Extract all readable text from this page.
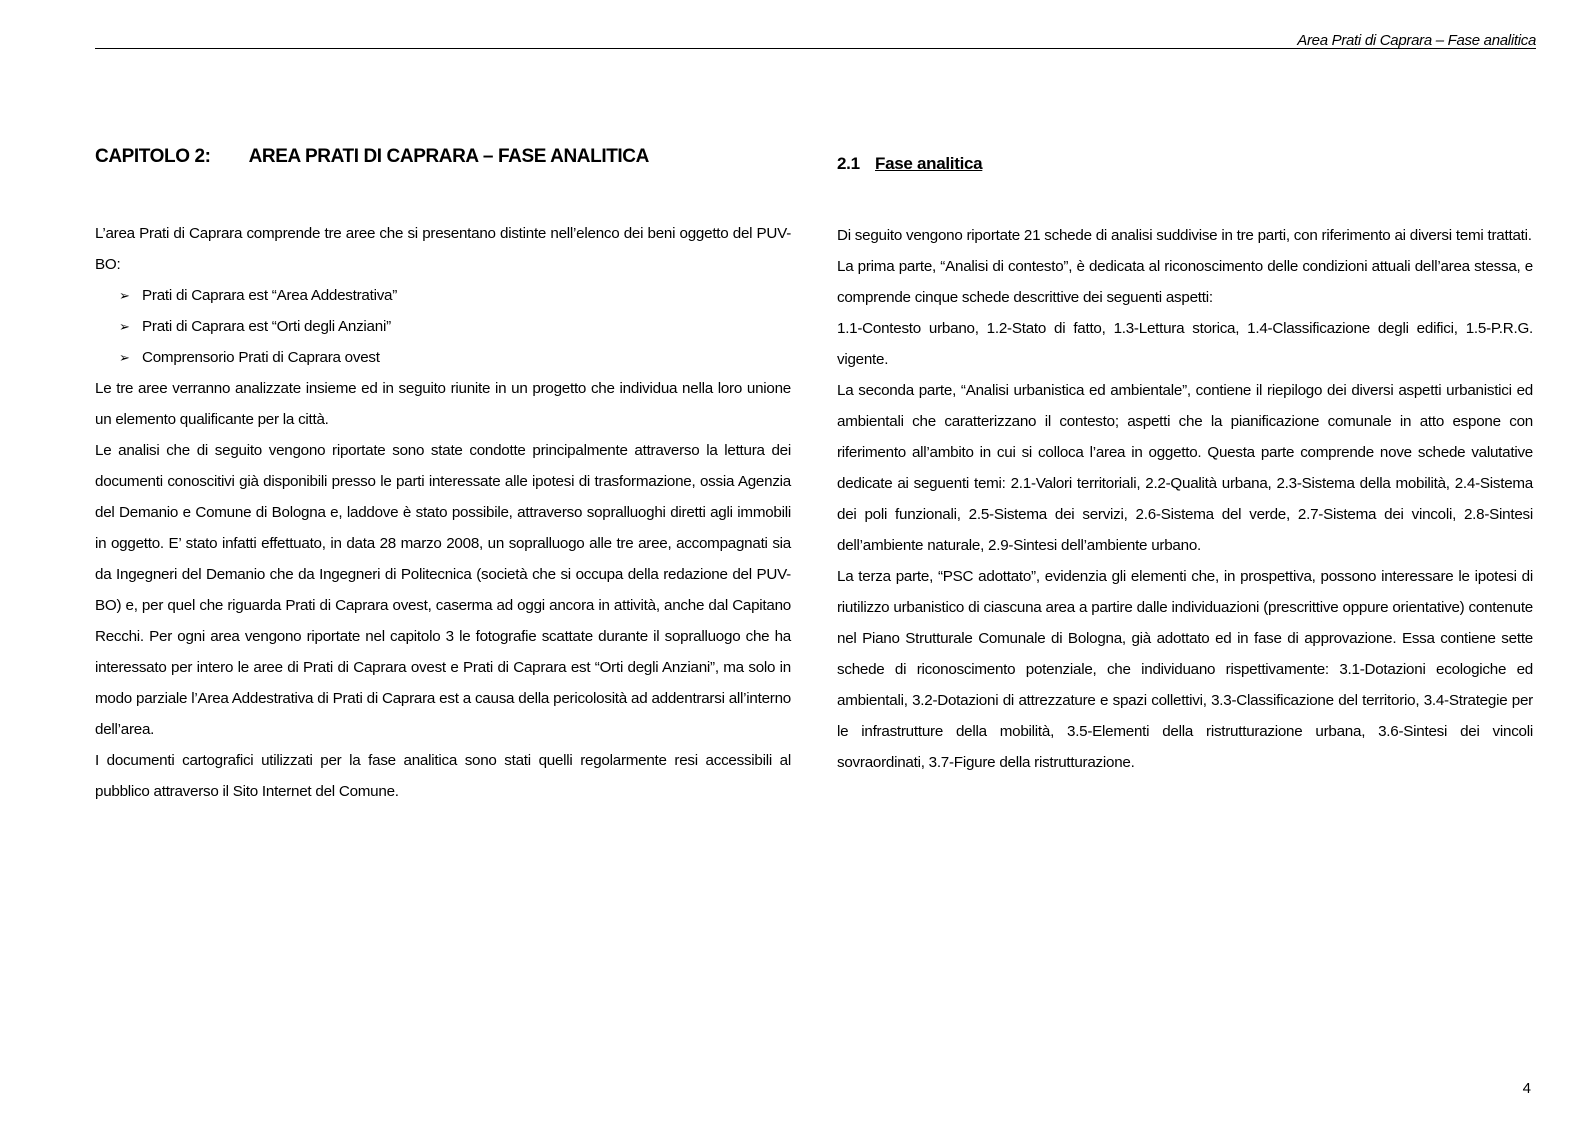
Area Prati di Caprara – Fase analitica
CAPITOLO 2: AREA PRATI DI CAPRARA – FASE ANALITICA

L’area Prati di Caprara comprende tre aree che si presentano distinte nell’elenco dei beni oggetto del PUV-BO:

➢ Prati di Caprara est “Area Addestrativa”
➢ Prati di Caprara est “Orti degli Anziani”
➢ Comprensorio Prati di Caprara ovest

Le tre aree verranno analizzate insieme ed in seguito riunite in un progetto che individua nella loro unione un elemento qualificante per la città.

Le analisi che di seguito vengono riportate sono state condotte principalmente attraverso la lettura dei documenti conoscitivi già disponibili presso le parti interessate alle ipotesi di trasformazione, ossia Agenzia del Demanio e Comune di Bologna e, laddove è stato possibile, attraverso sopralluoghi diretti agli immobili in oggetto. E’ stato infatti effettuato, in data 28 marzo 2008, un sopralluogo alle tre aree, accompagnati sia da Ingegneri del Demanio che da Ingegneri di Politecnica (società che si occupa della redazione del PUV-BO) e, per quel che riguarda Prati di Caprara ovest, caserma ad oggi ancora in attività, anche dal Capitano Recchi. Per ogni area vengono riportate nel capitolo 3 le fotografie scattate durante il sopralluogo che ha interessato per intero le aree di Prati di Caprara ovest e Prati di Caprara est “Orti degli Anziani”, ma solo in modo parziale l’Area Addestrativa di Prati di Caprara est a causa della pericolosità ad addentrarsi all’interno dell’area.

I documenti cartografici utilizzati per la fase analitica sono stati quelli regolarmente resi accessibili al pubblico attraverso il Sito Internet del Comune.

2.1 Fase analitica

Di seguito vengono riportate 21 schede di analisi suddivise in tre parti, con riferimento ai diversi temi trattati.

La prima parte, “Analisi di contesto”, è dedicata al riconoscimento delle condizioni attuali dell’area stessa, e comprende cinque schede descrittive dei seguenti aspetti:

1.1-Contesto urbano, 1.2-Stato di fatto, 1.3-Lettura storica, 1.4-Classificazione degli edifici, 1.5-P.R.G. vigente.

La seconda parte, “Analisi urbanistica ed ambientale”, contiene il riepilogo dei diversi aspetti urbanistici ed ambientali che caratterizzano il contesto; aspetti che la pianificazione comunale in atto espone con riferimento all’ambito in cui si colloca l’area in oggetto. Questa parte comprende nove schede valutative dedicate ai seguenti temi: 2.1-Valori territoriali, 2.2-Qualità urbana, 2.3-Sistema della mobilità, 2.4-Sistema dei poli funzionali, 2.5-Sistema dei servizi, 2.6-Sistema del verde, 2.7-Sistema dei vincoli, 2.8-Sintesi dell’ambiente naturale, 2.9-Sintesi dell’ambiente urbano.

La terza parte, “PSC adottato”, evidenzia gli elementi che, in prospettiva, possono interessare le ipotesi di riutilizzo urbanistico di ciascuna area a partire dalle individuazioni (prescrittive oppure orientative) contenute nel Piano Strutturale Comunale di Bologna, già adottato ed in fase di approvazione. Essa contiene sette schede di riconoscimento potenziale, che individuano rispettivamente: 3.1-Dotazioni ecologiche ed ambientali, 3.2-Dotazioni di attrezzature e spazi collettivi, 3.3-Classificazione del territorio, 3.4-Strategie per le infrastrutture della mobilità, 3.5-Elementi della ristrutturazione urbana, 3.6-Sintesi dei vincoli sovraordinati, 3.7-Figure della ristrutturazione.

4
